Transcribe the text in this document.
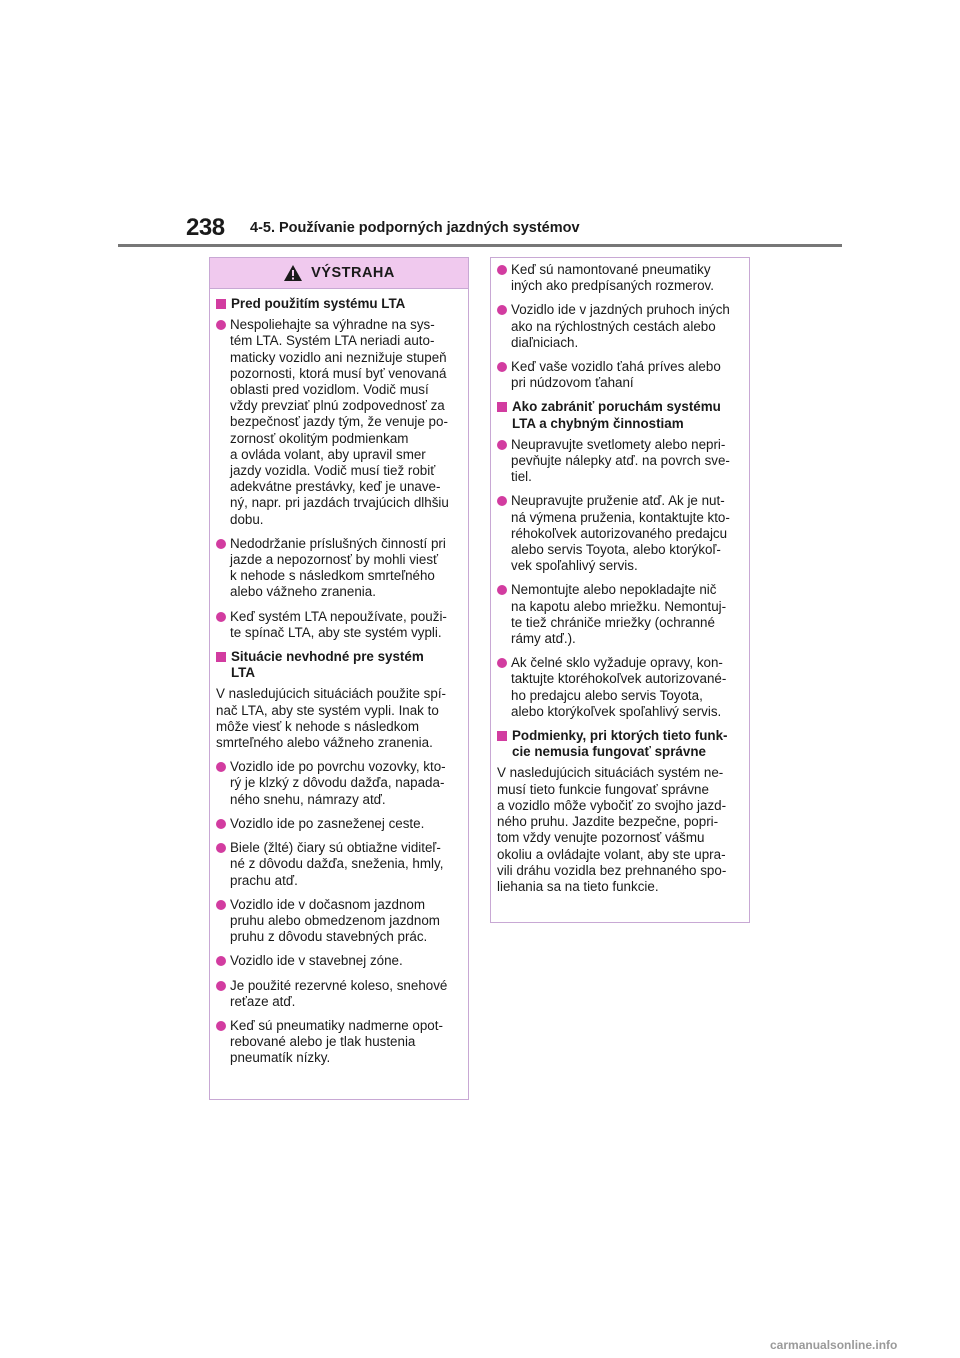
238 4-5. Používanie podporných jazdných systémov
VÝSTRAHA
Pred použitím systému LTA
Nespoliehajte sa výhradne na sys-
tém LTA. Systém LTA neriadi auto-
maticky vozidlo ani neznižuje stupeň
pozornosti, ktorá musí byť venovaná
oblasti pred vozidlom. Vodič musí
vždy prevziať plnú zodpovednosť za
bezpečnosť jazdy tým, že venuje po-
zornosť okolitým podmienkam
a ovláda volant, aby upravil smer
jazdy vozidla. Vodič musí tiež robiť
adekvátne prestávky, keď je unave-
ný, napr. pri jazdách trvajúcich dlhšiu
dobu.
Nedodržanie príslušných činností pri
jazde a nepozornosť by mohli viesť
k nehode s následkom smrteľného
alebo vážneho zranenia.
Keď systém LTA nepoužívate, použi-
te spínač LTA, aby ste systém vypli.
Situácie nevhodné pre systém
LTA
V nasledujúcich situáciách použite spí-
nač LTA, aby ste systém vypli. Inak to
môže viesť k nehode s následkom
smrteľného alebo vážneho zranenia.
Vozidlo ide po povrchu vozovky, kto-
rý je klzký z dôvodu dažďa, napada-
ného snehu, námrazy atď.
Vozidlo ide po zasneženej ceste.
Biele (žlté) čiary sú obtiažne viditeľ-
né z dôvodu dažďa, sneženia, hmly,
prachu atď.
Vozidlo ide v dočasnom jazdnom
pruhu alebo obmedzenom jazdnom
pruhu z dôvodu stavebných prác.
Vozidlo ide v stavebnej zóne.
Je použité rezervné koleso, snehové
reťaze atď.
Keď sú pneumatiky nadmerne opot-
rebované alebo je tlak hustenia
pneumatík nízky.
Keď sú namontované pneumatiky
iných ako predpísaných rozmerov.
Vozidlo ide v jazdných pruhoch iných
ako na rýchlostných cestách alebo
diaľniciach.
Keď vaše vozidlo ťahá príves alebo
pri núdzovom ťahaní
Ako zabrániť poruchám systému
LTA a chybným činnostiam
Neupravujte svetlomety alebo nepri-
pevňujte nálepky atď. na povrch sve-
tiel.
Neupravujte pruženie atď. Ak je nut-
ná výmena pruženia, kontaktujte kto-
réhokoľvek autorizovaného predajcu
alebo servis Toyota, alebo ktorýkoľ-
vek spoľahlivý servis.
Nemontujte alebo nepokladajte nič
na kapotu alebo mriežku. Nemontuj-
te tiež chrániče mriežky (ochranné
rámy atď.).
Ak čelné sklo vyžaduje opravy, kon-
taktujte ktoréhokoľvek autorizované-
ho predajcu alebo servis Toyota,
alebo ktorýkoľvek spoľahlivý servis.
Podmienky, pri ktorých tieto funk-
cie nemusia fungovať správne
V nasledujúcich situáciách systém ne-
musí tieto funkcie fungovať správne
a vozidlo môže vybočiť zo svojho jazd-
ného pruhu. Jazdite bezpečne, popri-
tom vždy venujte pozornosť vášmu
okoliu a ovládajte volant, aby ste upra-
vili dráhu vozidla bez prehnaného spo-
liehania sa na tieto funkcie.
carmanualsonline.info
